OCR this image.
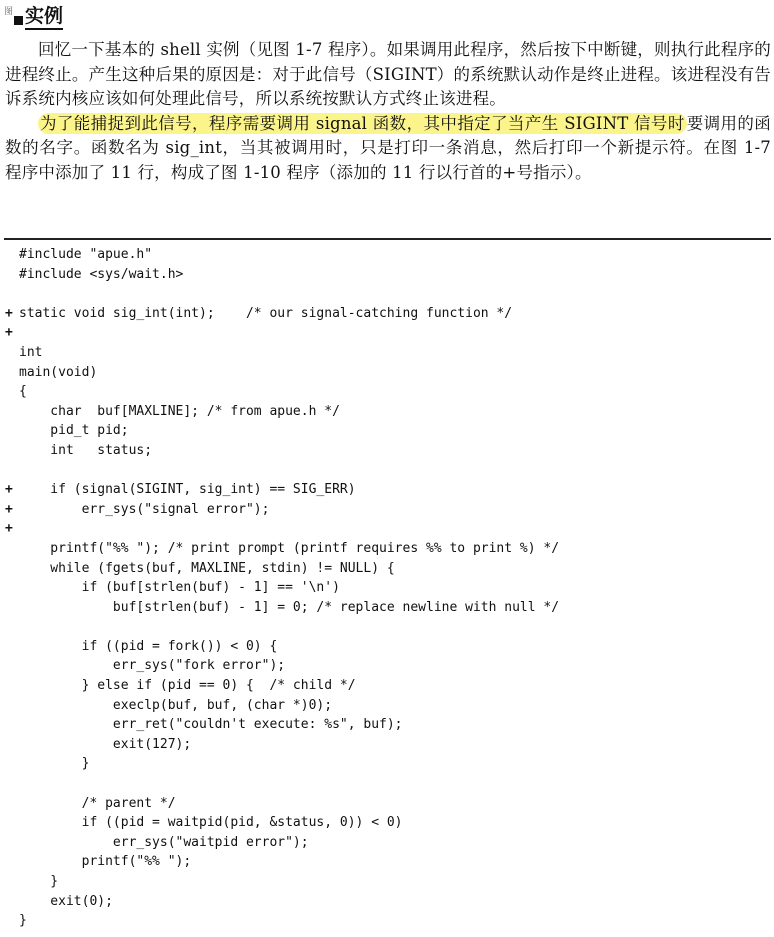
图 实例

回忆一下基本的 shell 实例（见图 1-7 程序）。如果调用此程序，然后按下中断键，则执行此程序的进程终止。产生这种后果的原因是：对于此信号（SIGINT）的系统默认动作是终止进程。该进程没有告诉系统内核应该如何处理此信号，所以系统按默认方式终止该进程。

为了能捕捉到此信号，程序需要调用 signal 函数，其中指定了当产生 SIGINT 信号时 要调用的函数的名字。函数名为 sig_int，当其被调用时，只是打印一条消息，然后打印一个新提示符。在图 1-7 程序中添加了 11 行，构成了图 1-10 程序（添加的 11 行以行首的+号指示）。

#include "apue.h"
#include <sys/wait.h>
+ static void sig_int(int);    /* our signal-catching function */
+
int
main(void)
{
char  buf[MAXLINE]; /* from apue.h */
pid_t pid;
int   status;
+ if (signal(SIGINT, sig_int) == SIG_ERR)
+ err_sys("signal error");
+
printf("%% "); /* print prompt (printf requires %% to print %) */
while (fgets(buf, MAXLINE, stdin) != NULL) {
if (buf[strlen(buf) - 1] == '\n')
buf[strlen(buf) - 1] = 0; /* replace newline with null */
if ((pid = fork()) < 0) {
err_sys("fork error");
} else if (pid == 0) {  /* child */
execlp(buf, buf, (char *)0);
err_ret("couldn't execute: %s", buf);
exit(127);
}
/* parent */
if ((pid = waitpid(pid, &status, 0)) < 0)
err_sys("waitpid error");
printf("%% ");
}
exit(0);
}
